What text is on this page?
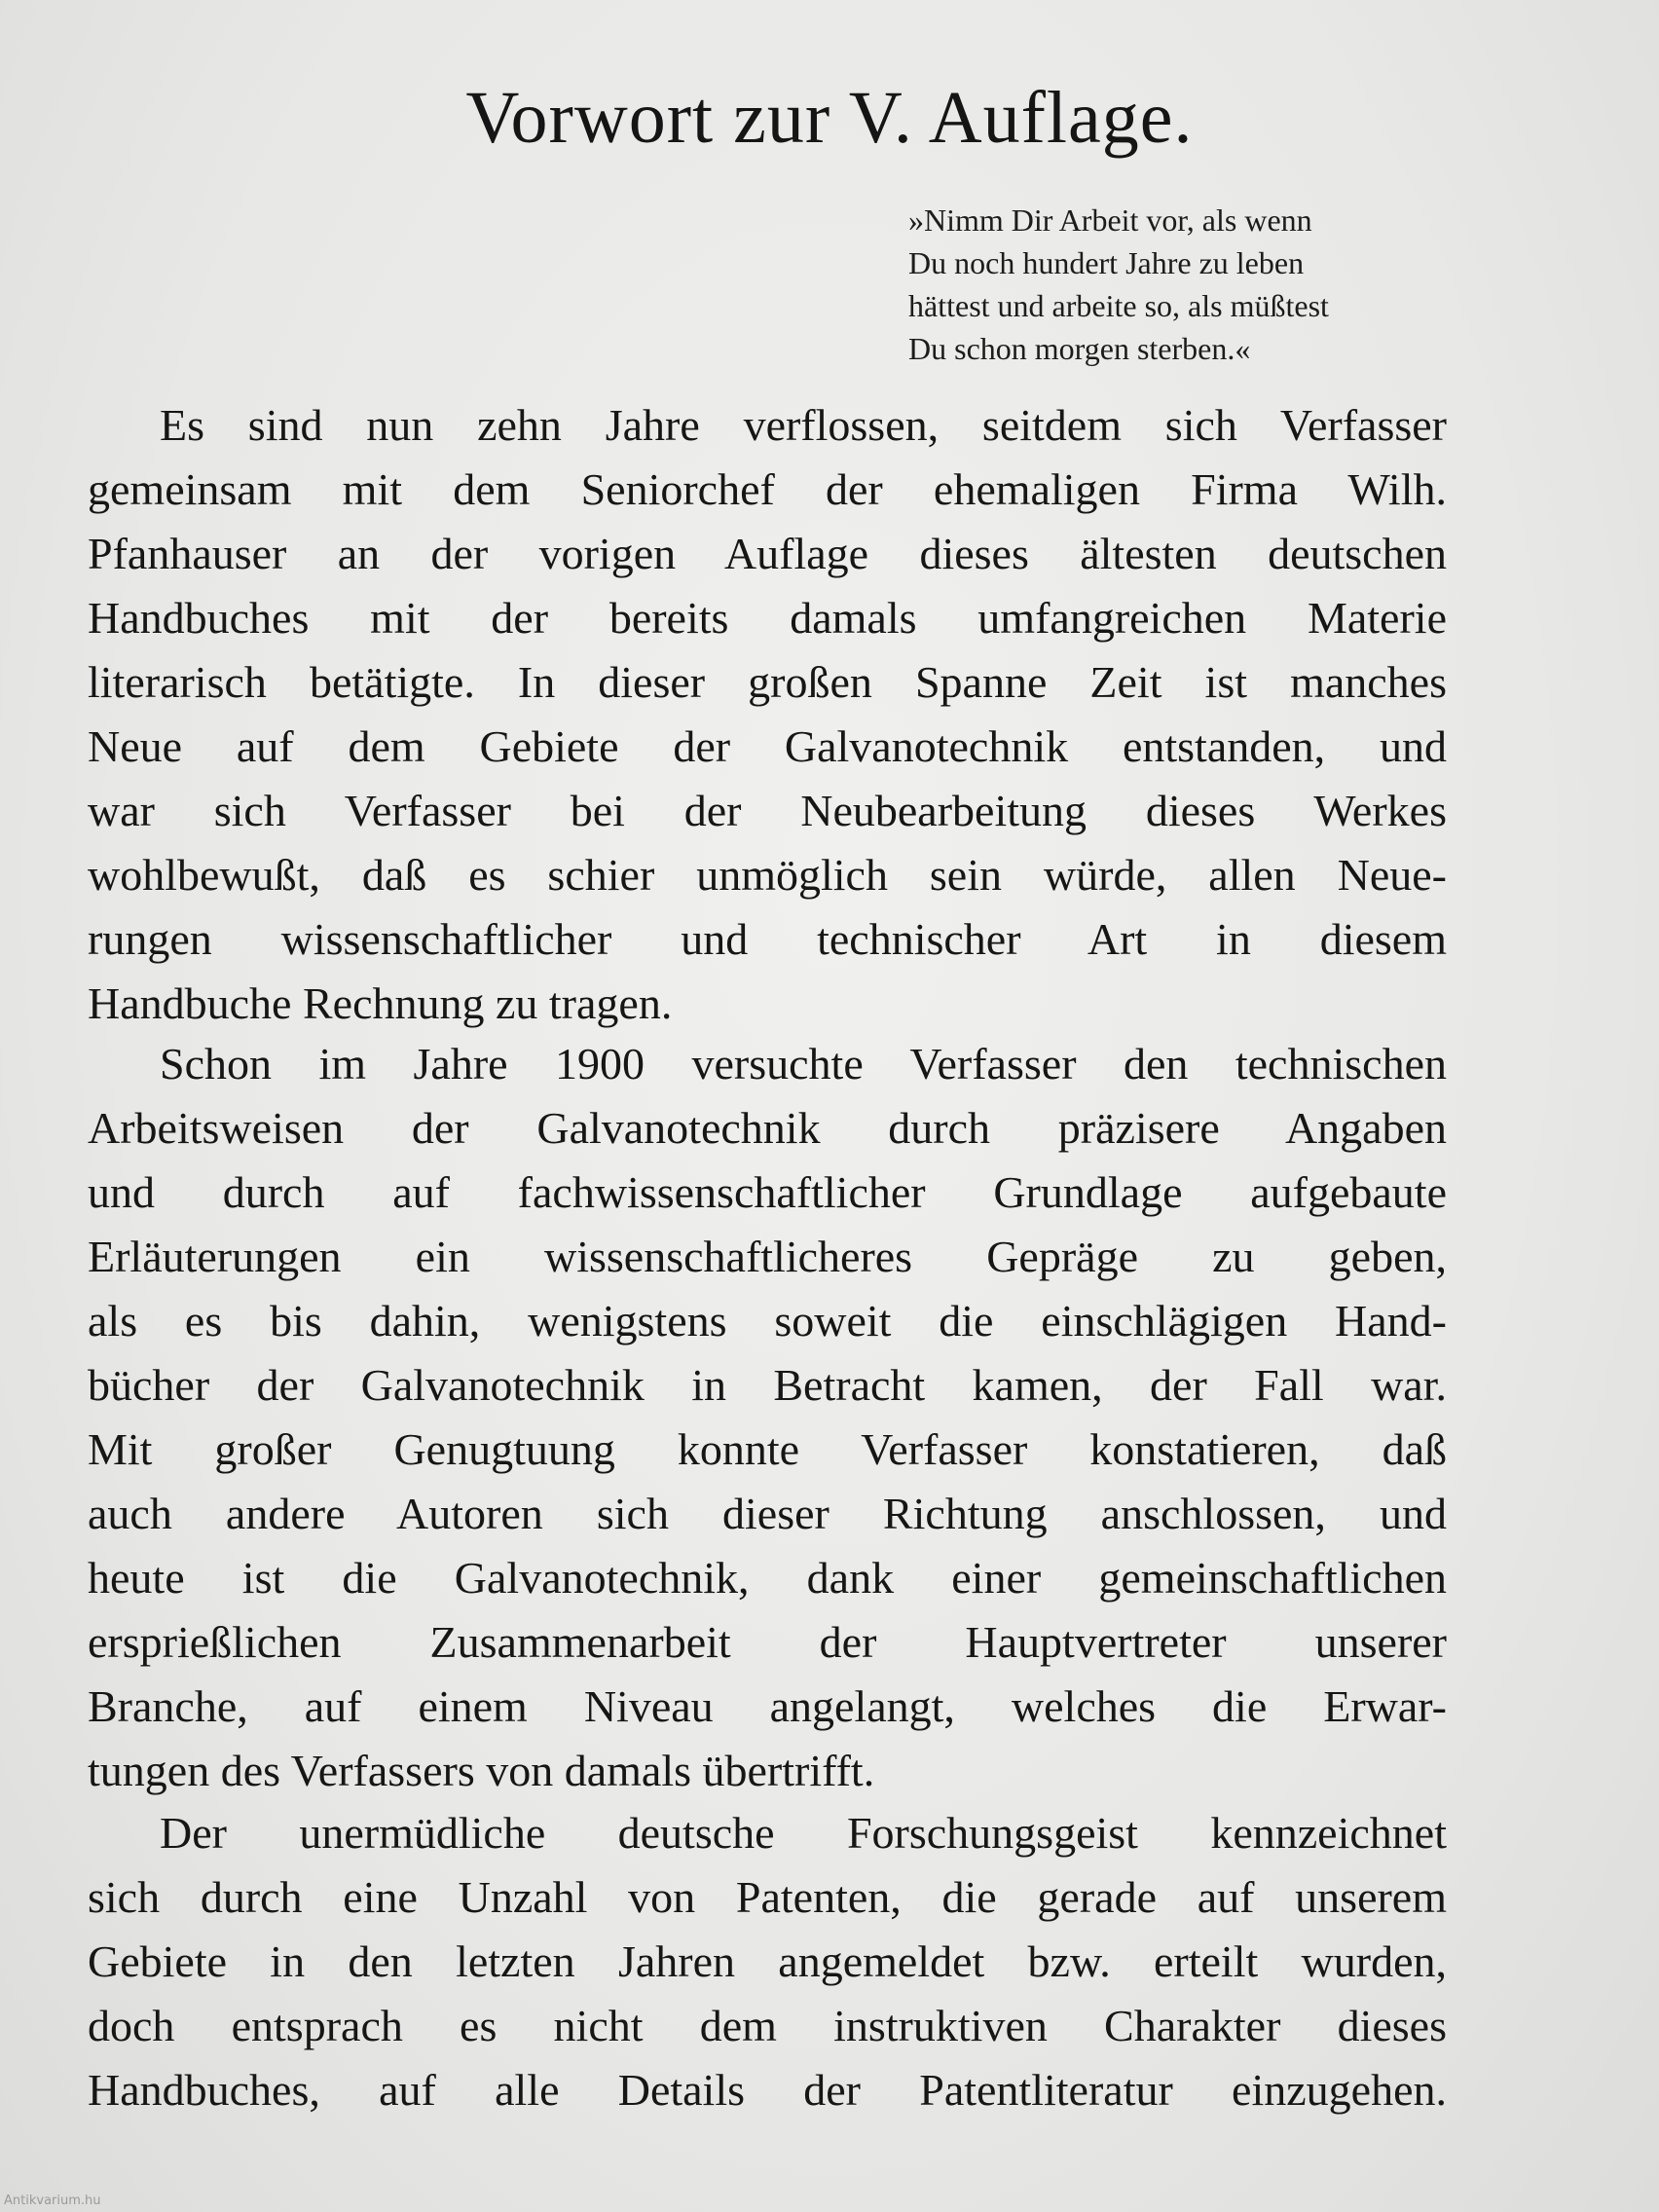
Vorwort zur V. Auflage.
»Nimm Dir Arbeit vor, als wenn
Du noch hundert Jahre zu leben
hättest und arbeite so, als müßtest
Du schon morgen sterben.«
Es sind nun zehn Jahre verflossen, seitdem sich Verfasser
gemeinsam mit dem Seniorchef der ehemaligen Firma Wilh.
Pfanhauser an der vorigen Auflage dieses ältesten deutschen
Handbuches mit der bereits damals umfangreichen Materie
literarisch betätigte. In dieser großen Spanne Zeit ist manches
Neue auf dem Gebiete der Galvanotechnik entstanden, und
war sich Verfasser bei der Neubearbeitung dieses Werkes
wohlbewußt, daß es schier unmöglich sein würde, allen Neue-
rungen wissenschaftlicher und technischer Art in diesem
Handbuche Rechnung zu tragen.
Schon im Jahre 1900 versuchte Verfasser den technischen
Arbeitsweisen der Galvanotechnik durch präzisere Angaben
und durch auf fachwissenschaftlicher Grundlage aufgebaute
Erläuterungen ein wissenschaftlicheres Gepräge zu geben,
als es bis dahin, wenigstens soweit die einschlägigen Hand-
bücher der Galvanotechnik in Betracht kamen, der Fall war.
Mit großer Genugtuung konnte Verfasser konstatieren, daß
auch andere Autoren sich dieser Richtung anschlossen, und
heute ist die Galvanotechnik, dank einer gemeinschaftlichen
ersprießlichen Zusammenarbeit der Hauptvertreter unserer
Branche, auf einem Niveau angelangt, welches die Erwar-
tungen des Verfassers von damals übertrifft.
Der unermüdliche deutsche Forschungsgeist kennzeichnet
sich durch eine Unzahl von Patenten, die gerade auf unserem
Gebiete in den letzten Jahren angemeldet bzw. erteilt wurden,
doch entsprach es nicht dem instruktiven Charakter dieses
Handbuches, auf alle Details der Patentliteratur einzugehen.
Antikvarium.hu
